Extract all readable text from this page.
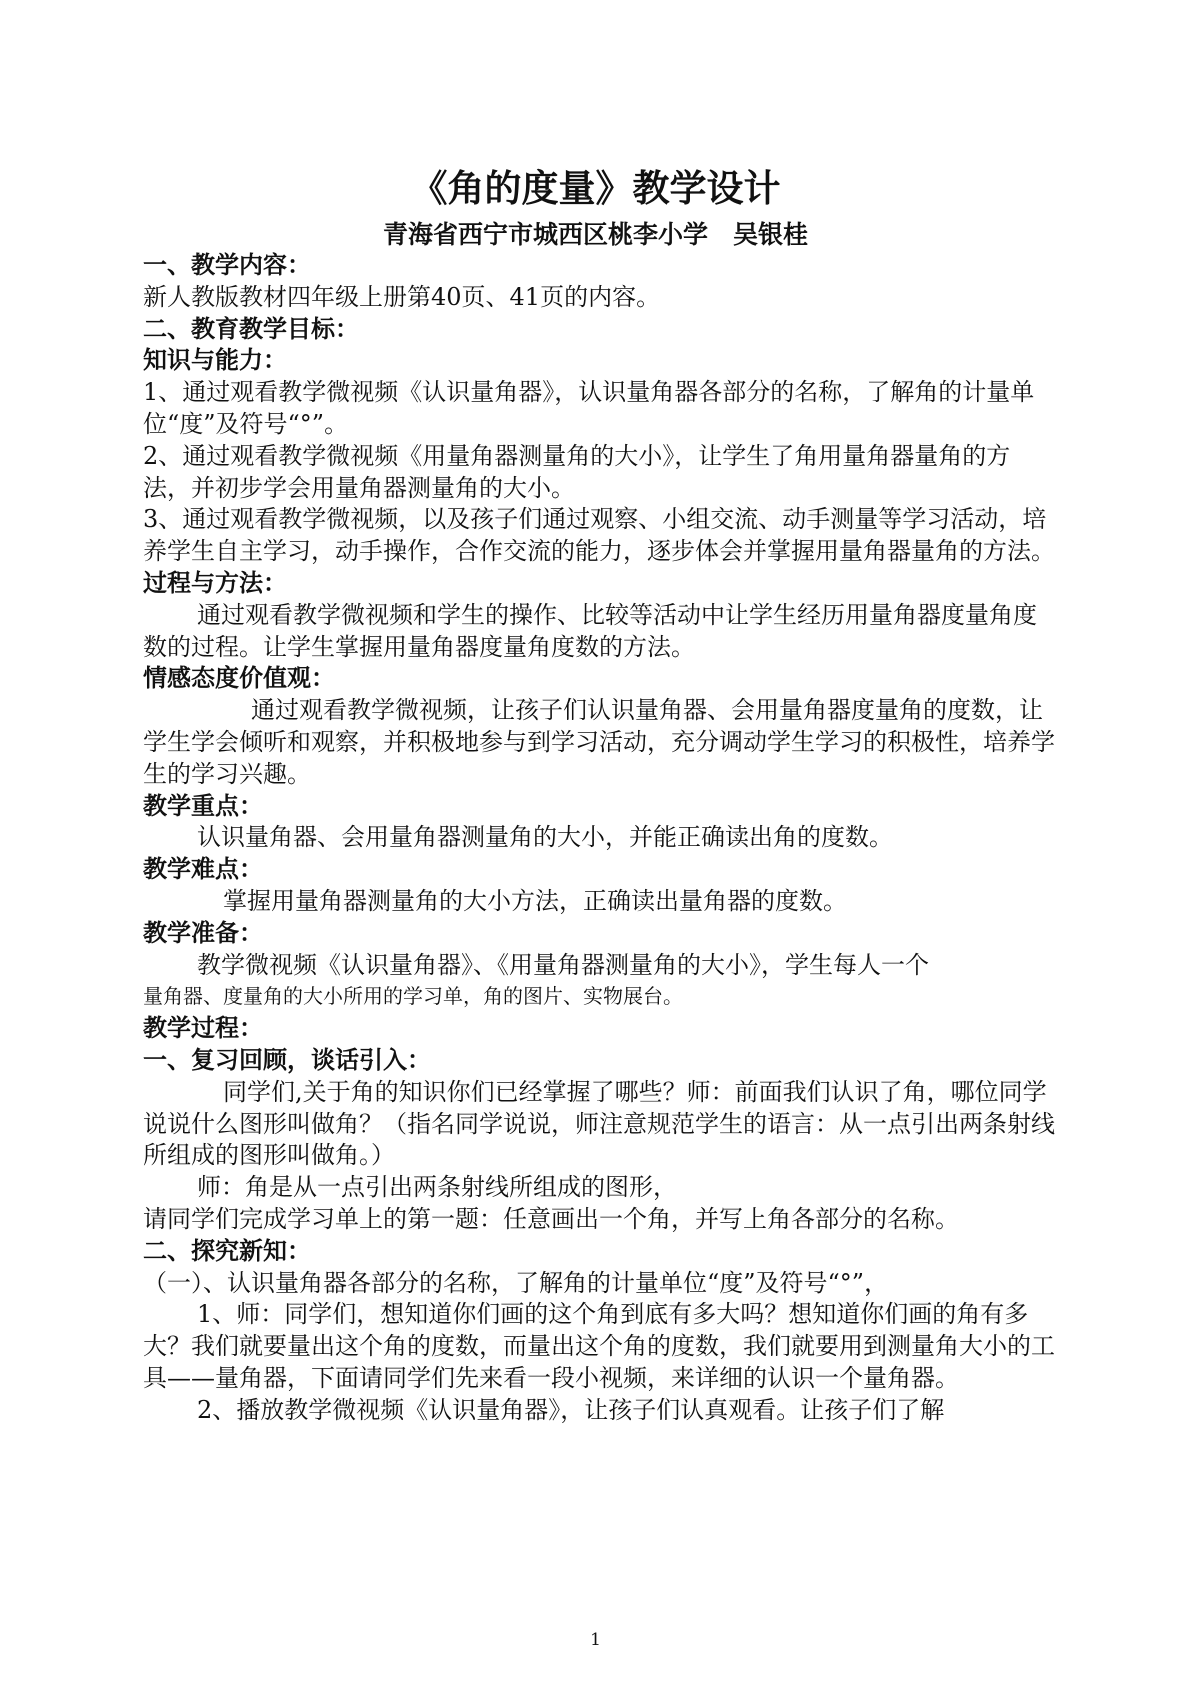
《角的度量》教学设计
青海省西宁市城西区桃李小学　吴银桂

一、教学内容：

新人教版教材四年级上册第40页、41页的内容。

二、教育教学目标：

知识与能力：

1、通过观看教学微视频《认识量角器》，认识量角器各部分的名称，了解角的计量单位“度”及符号“°”。

2、通过观看教学微视频《用量角器测量角的大小》，让学生了角用量角器量角的方法，并初步学会用量角器测量角的大小。

3、通过观看教学微视频，以及孩子们通过观察、小组交流、动手测量等学习活动，培养学生自主学习，动手操作，合作交流的能力，逐步体会并掌握用量角器量角的方法。

过程与方法：

通过观看教学微视频和学生的操作、比较等活动中让学生经历用量角器度量角度数的过程。让学生掌握用量角器度量角度数的方法。

情感态度价值观：

通过观看教学微视频，让孩子们认识量角器、会用量角器度量角的度数，让学生学会倾听和观察，并积极地参与到学习活动，充分调动学生学习的积极性，培养学生的学习兴趣。

教学重点：

认识量角器、会用量角器测量角的大小，并能正确读出角的度数。

教学难点：

掌握用量角器测量角的大小方法，正确读出量角器的度数。

教学准备：

教学微视频《认识量角器》、《用量角器测量角的大小》，学生每人一个

量角器、度量角的大小所用的学习单，角的图片、实物展台。

教学过程：

一、复习回顾，谈话引入：

同学们,关于角的知识你们已经掌握了哪些？师：前面我们认识了角，哪位同学说说什么图形叫做角？（指名同学说说，师注意规范学生的语言：从一点引出两条射线所组成的图形叫做角。）

师：角是从一点引出两条射线所组成的图形，

请同学们完成学习单上的第一题：任意画出一个角，并写上角各部分的名称。

二、探究新知：

（一）、认识量角器各部分的名称，了解角的计量单位“度”及符号“°”，

1、师：同学们，想知道你们画的这个角到底有多大吗？想知道你们画的角有多大？我们就要量出这个角的度数，而量出这个角的度数，我们就要用到测量角大小的工具——量角器，下面请同学们先来看一段小视频，来详细的认识一个量角器。

2、播放教学微视频《认识量角器》，让孩子们认真观看。让孩子们了解

1
